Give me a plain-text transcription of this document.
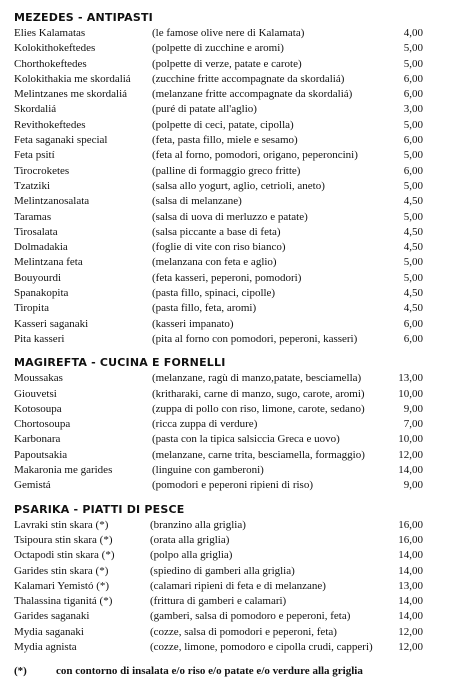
MEZEDES - ANTIPASTI
Elies Kalamatas	(le famose olive nere di Kalamata)	4,00
Kolokithokeftedes	(polpette di zucchine e aromi)	5,00
Chorthokeftedes	(polpette di verze, patate e carote)	5,00
Kolokithakia me skordaliá (zucchine fritte accompagnate da skordaliá)	6,00
Melintzanes me skordaliá (melanzane fritte accompagnate da skordaliá)	6,00
Skordaliá	(puré di patate all'aglio)	3,00
Revithokeftedes	(polpette di ceci, patate, cipolla)	5,00
Feta saganaki special	(feta, pasta fillo, miele e sesamo)	6,00
Feta psití	(feta al forno, pomodori, origano, peperoncini)	5,00
Tirocroketes	(palline di formaggio greco fritte)	6,00
Tzatziki	(salsa allo yogurt, aglio, cetrioli, aneto)	5,00
Melintzanosalata	(salsa di melanzane)	4,50
Taramas	(salsa di uova di merluzzo e patate)	5,00
Tirosalata	(salsa piccante a base di feta)	4,50
Dolmadakia	(foglie di vite con riso bianco)	4,50
Melintzana feta	(melanzana con feta e aglio)	5,00
Bouyourdi	(feta kasseri, peperoni, pomodori)	5,00
Spanakopita	(pasta fillo, spinaci, cipolle)	4,50
Tiropita	(pasta fillo, feta, aromi)	4,50
Kasseri saganaki	(kasseri impanato)	6,00
Pita kasseri	(pita al forno con pomodori, peperoni, kasseri)	6,00
MAGIREFTA - CUCINA E FORNELLI
Moussakas	(melanzane, ragù di manzo,patate, besciamella)	13,00
Giouvetsi	(kritharaki, carne di manzo, sugo, carote, aromi)	10,00
Kotosoupa	(zuppa di pollo con riso, limone, carote, sedano)	9,00
Chortosoupa	(ricca zuppa di verdure)	7,00
Karbonara	(pasta con la tipica salsiccia Greca e uovo)	10,00
Papoutsakia	(melanzane, carne trita, besciamella, formaggio)	12,00
Makaronia me garides	(linguine con gamberoni)	14,00
Gemistá	(pomodori e peperoni ripieni di riso)	9,00
PSARIKA - PIATTI DI PESCE
Lavraki stin skara (*)	(branzino alla griglia)	16,00
Tsipoura stin skara (*)	(orata alla griglia)	16,00
Octapodi stin skara (*)	(polpo alla griglia)	14,00
Garides stin skara (*)	(spiedino di gamberi alla griglia)	14,00
Kalamari Yemistó (*)	(calamari ripieni di feta e di melanzane)	13,00
Thalassina tiganitá (*)	(frittura di gamberi e calamari)	14,00
Garides saganaki	(gamberi, salsa di pomodoro e peperoni, feta)	14,00
Mydia saganaki	(cozze, salsa di pomodori e peperoni, feta)	12,00
Mydia agnista	(cozze, limone, pomodoro e cipolla crudi, capperi) 12,00
(*)	con contorno di insalata e/o riso e/o patate e/o verdure alla griglia
